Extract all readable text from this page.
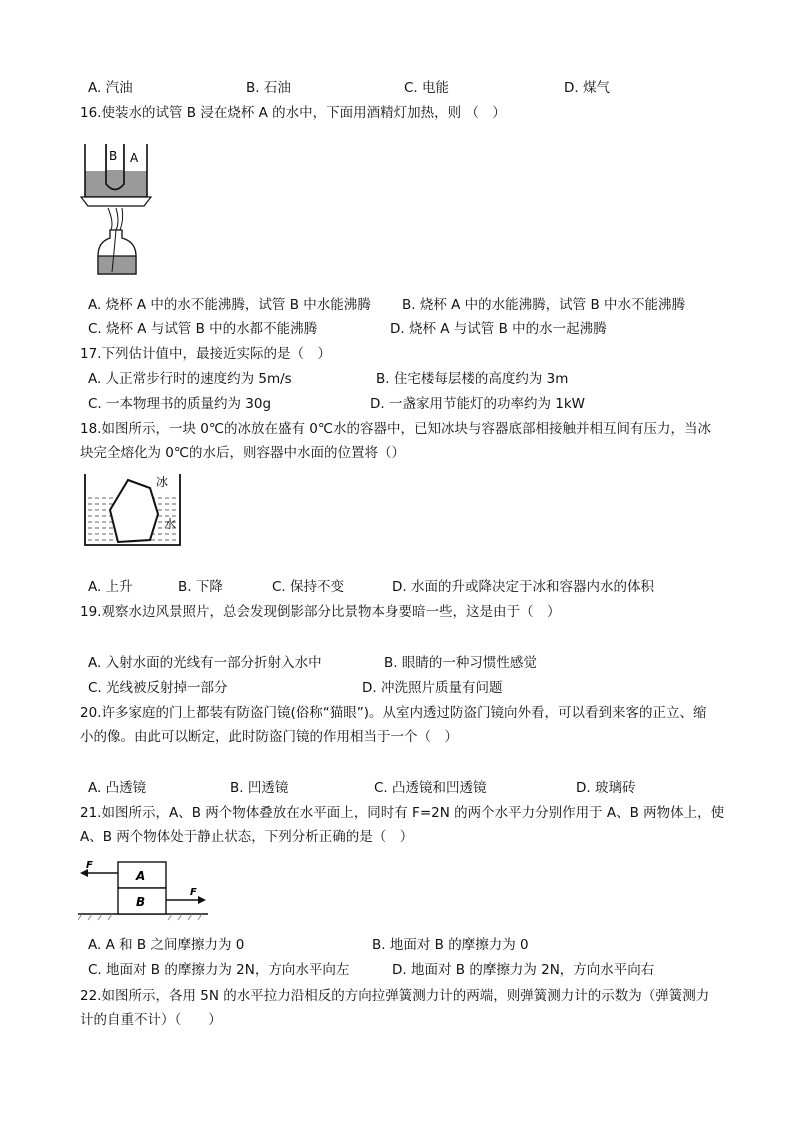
A. 汽油	B. 石油	C. 电能	D. 煤气
16.使装水的试管 B 浸在烧杯 A 的水中，下面用酒精灯加热，则 （　）
B A
A. 烧杯 A 中的水不能沸腾，试管 B 中水能沸腾 B. 烧杯 A 中的水能沸腾，试管 B 中水不能沸腾
C. 烧杯 A 与试管 B 中的水都不能沸腾	D. 烧杯 A 与试管 B 中的水一起沸腾
17.下列估计值中，最接近实际的是（　）
A. 人正常步行时的速度约为 5m/s	B. 住宅楼每层楼的高度约为 3m
C. 一本物理书的质量约为 30g	D. 一盏家用节能灯的功率约为 1kW
18.如图所示，一块 0℃的冰放在盛有 0℃水的容器中，已知冰块与容器底部相接触并相互间有压力，当冰
块完全熔化为 0℃的水后，则容器中水面的位置将（）
冰
水
A. 上升	B. 下降	C. 保持不变	D. 水面的升或降决定于冰和容器内水的体积
19.观察水边风景照片，总会发现倒影部分比景物本身要暗一些，这是由于（　）
A. 入射水面的光线有一部分折射入水中	B. 眼睛的一种习惯性感觉
C. 光线被反射掉一部分	D. 冲洗照片质量有问题
20.许多家庭的门上都装有防盗门镜(俗称“猫眼”)。从室内透过防盗门镜向外看，可以看到来客的正立、缩
小的像。由此可以断定，此时防盗门镜的作用相当于一个（　）
A. 凸透镜	B. 凹透镜	C. 凸透镜和凹透镜	D. 玻璃砖
21.如图所示，A、B 两个物体叠放在水平面上，同时有 F=2N 的两个水平力分别作用于 A、B 两物体上，使
A、B 两个物体处于静止状态，下列分析正确的是（　）
A
B
F
F
A. A 和 B 之间摩擦力为 0	B. 地面对 B 的摩擦力为 0
C. 地面对 B 的摩擦力为 2N，方向水平向左	D. 地面对 B 的摩擦力为 2N，方向水平向右
22.如图所示，各用 5N 的水平拉力沿相反的方向拉弹簧测力计的两端，则弹簧测力计的示数为（弹簧测力
计的自重不计）（　　）
